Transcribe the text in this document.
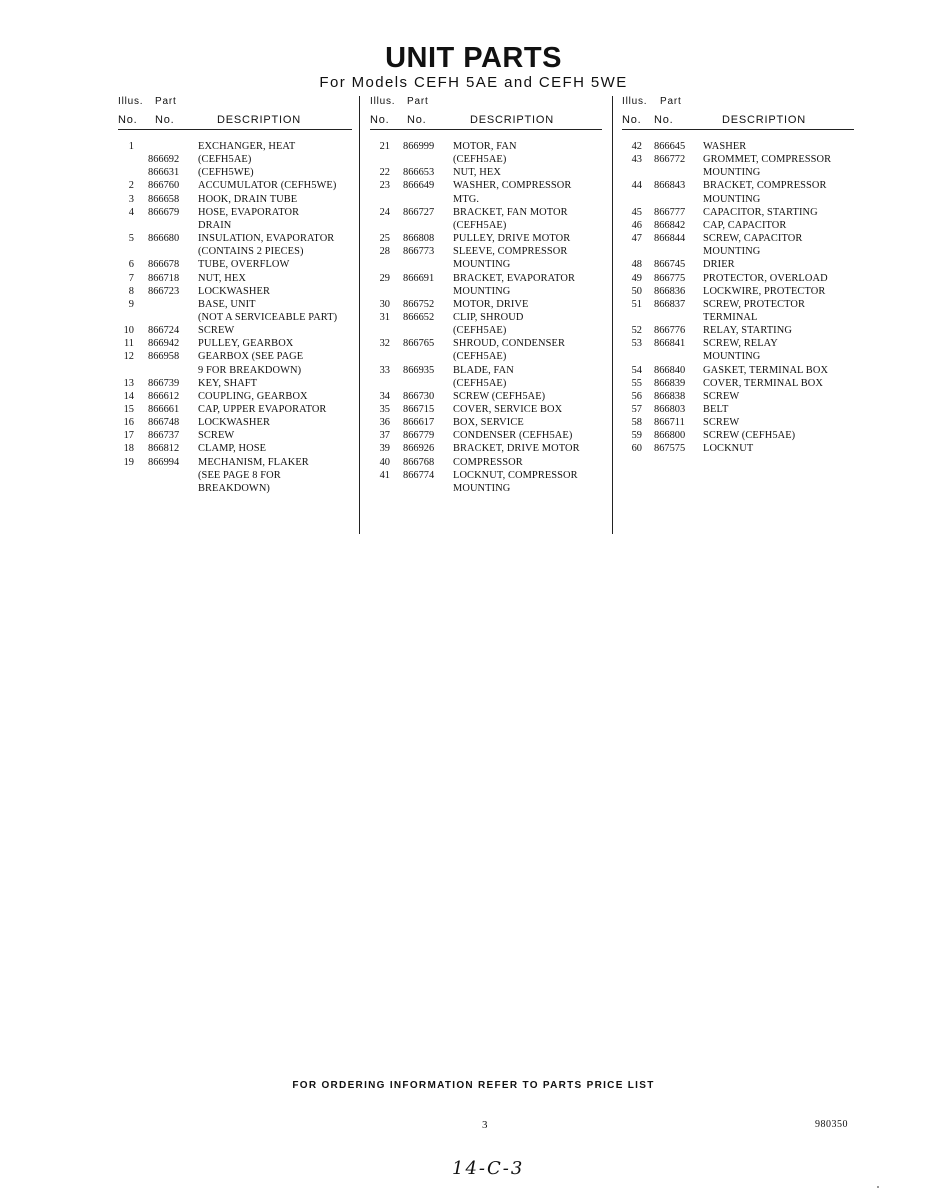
UNIT PARTS
For Models CEFH 5AE and CEFH 5WE
Illus. Part
No. No.	DESCRIPTION
1	EXCHANGER, HEAT
866692 (CEFH5AE)
866631 (CEFH5WE)
2 866760 ACCUMULATOR (CEFH5WE)
3 866658 HOOK, DRAIN TUBE
4 866679 HOSE, EVAPORATOR
DRAIN
5 866680 INSULATION, EVAPORATOR
(CONTAINS 2 PIECES)
6 866678 TUBE, OVERFLOW
7 866718 NUT, HEX
8 866723 LOCKWASHER
9	BASE, UNIT
(NOT A SERVICEABLE PART)
10 866724 SCREW
11 866942 PULLEY, GEARBOX
12 866958 GEARBOX (SEE PAGE
9 FOR BREAKDOWN)
13 866739 KEY, SHAFT
14 866612 COUPLING, GEARBOX
15 866661 CAP, UPPER EVAPORATOR
16 866748 LOCKWASHER
17 866737 SCREW
18 866812 CLAMP, HOSE
19 866994 MECHANISM, FLAKER
(SEE PAGE 8 FOR
BREAKDOWN)
Illus. Part
No. No.	DESCRIPTION
21 866999 MOTOR, FAN
(CEFH5AE)
22 866653 NUT, HEX
23 866649 WASHER, COMPRESSOR
MTG.
24 866727 BRACKET, FAN MOTOR
(CEFH5AE)
25 866808 PULLEY, DRIVE MOTOR
28 866773 SLEEVE, COMPRESSOR
MOUNTING
29 866691 BRACKET, EVAPORATOR
MOUNTING
30 866752 MOTOR, DRIVE
31 866652 CLIP, SHROUD
(CEFH5AE)
32 866765 SHROUD, CONDENSER
(CEFH5AE)
33 866935 BLADE, FAN
(CEFH5AE)
34 866730 SCREW (CEFH5AE)
35 866715 COVER, SERVICE BOX
36 866617 BOX, SERVICE
37 866779 CONDENSER (CEFH5AE)
39 866926 BRACKET, DRIVE MOTOR
40 866768 COMPRESSOR
41 866774 LOCKNUT, COMPRESSOR
MOUNTING
Illus. Part
No. No.	DESCRIPTION
42 866645 WASHER
43 866772 GROMMET, COMPRESSOR
MOUNTING
44 866843 BRACKET, COMPRESSOR
MOUNTING
45 866777 CAPACITOR, STARTING
46 866842 CAP, CAPACITOR
47 866844 SCREW, CAPACITOR
MOUNTING
48 866745 DRIER
49 866775 PROTECTOR, OVERLOAD
50 866836 LOCKWIRE, PROTECTOR
51 866837 SCREW, PROTECTOR
TERMINAL
52 866776 RELAY, STARTING
53 866841 SCREW, RELAY
MOUNTING
54 866840 GASKET, TERMINAL BOX
55 866839 COVER, TERMINAL BOX
56 866838 SCREW
57 866803 BELT
58 866711 SCREW
59 866800 SCREW (CEFH5AE)
60 867575 LOCKNUT
FOR ORDERING INFORMATION REFER TO PARTS PRICE LIST
3	980350
14-C-3
